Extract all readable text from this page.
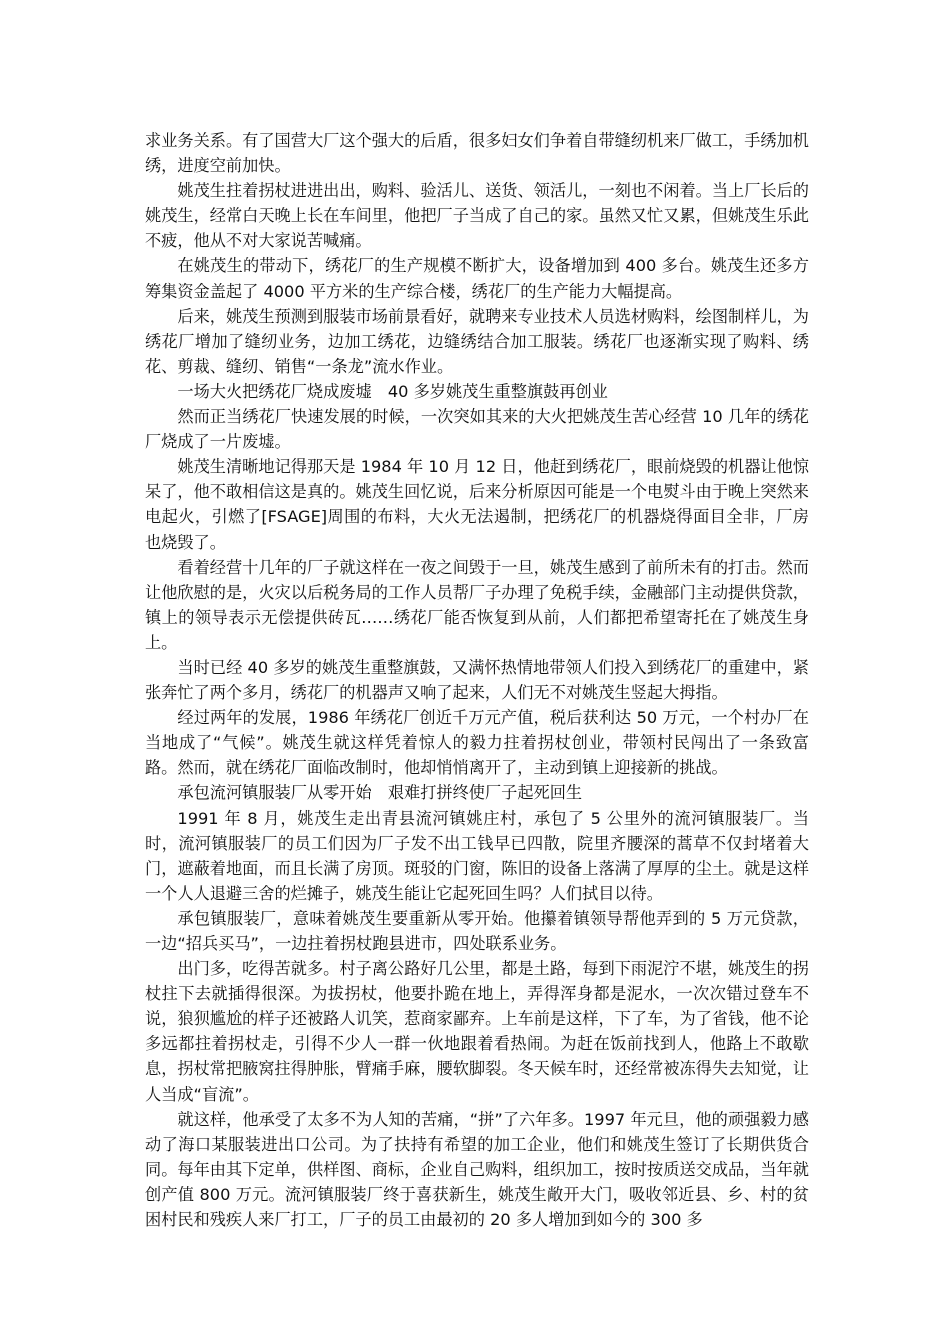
求业务关系。有了国营大厂这个强大的后盾，很多妇女们争着自带缝纫机来厂做工，手绣加机绣，进度空前加快。

姚茂生拄着拐杖进进出出，购料、验活儿、送货、领活儿，一刻也不闲着。当上厂长后的姚茂生，经常白天晚上长在车间里，他把厂子当成了自己的家。虽然又忙又累，但姚茂生乐此不疲，他从不对大家说苦喊痛。

在姚茂生的带动下，绣花厂的生产规模不断扩大，设备增加到 400 多台。姚茂生还多方筹集资金盖起了 4000 平方米的生产综合楼，绣花厂的生产能力大幅提高。

后来，姚茂生预测到服装市场前景看好，就聘来专业技术人员选材购料，绘图制样儿，为绣花厂增加了缝纫业务，边加工绣花，边缝绣结合加工服装。绣花厂也逐渐实现了购料、绣花、剪裁、缝纫、销售“一条龙”流水作业。

一场大火把绣花厂烧成废墟　40 多岁姚茂生重整旗鼓再创业

然而正当绣花厂快速发展的时候，一次突如其来的大火把姚茂生苦心经营 10 几年的绣花厂烧成了一片废墟。

姚茂生清晰地记得那天是 1984 年 10 月 12 日，他赶到绣花厂，眼前烧毁的机器让他惊呆了，他不敢相信这是真的。姚茂生回忆说，后来分析原因可能是一个电熨斗由于晚上突然来电起火，引燃了[FSAGE]周围的布料，大火无法遏制，把绣花厂的机器烧得面目全非，厂房也烧毁了。

看着经营十几年的厂子就这样在一夜之间毁于一旦，姚茂生感到了前所未有的打击。然而让他欣慰的是，火灾以后税务局的工作人员帮厂子办理了免税手续，金融部门主动提供贷款，镇上的领导表示无偿提供砖瓦……绣花厂能否恢复到从前，人们都把希望寄托在了姚茂生身上。

当时已经 40 多岁的姚茂生重整旗鼓，又满怀热情地带领人们投入到绣花厂的重建中，紧张奔忙了两个多月，绣花厂的机器声又响了起来，人们无不对姚茂生竖起大拇指。

经过两年的发展，1986 年绣花厂创近千万元产值，税后获利达 50 万元，一个村办厂在当地成了“气候”。姚茂生就这样凭着惊人的毅力拄着拐杖创业，带领村民闯出了一条致富路。然而，就在绣花厂面临改制时，他却悄悄离开了，主动到镇上迎接新的挑战。

承包流河镇服装厂从零开始　艰难打拼终使厂子起死回生

1991 年 8 月，姚茂生走出青县流河镇姚庄村，承包了 5 公里外的流河镇服装厂。当时，流河镇服装厂的员工们因为厂子发不出工钱早已四散，院里齐腰深的蒿草不仅封堵着大门，遮蔽着地面，而且长满了房顶。斑驳的门窗，陈旧的设备上落满了厚厚的尘土。就是这样一个人人退避三舍的烂摊子，姚茂生能让它起死回生吗？人们拭目以待。

承包镇服装厂，意味着姚茂生要重新从零开始。他攥着镇领导帮他弄到的 5 万元贷款，一边“招兵买马”，一边拄着拐杖跑县进市，四处联系业务。

出门多，吃得苦就多。村子离公路好几公里，都是土路，每到下雨泥泞不堪，姚茂生的拐杖拄下去就插得很深。为拔拐杖，他要扑跪在地上，弄得浑身都是泥水，一次次错过登车不说，狼狈尴尬的样子还被路人讥笑，惹商家鄙弃。上车前是这样，下了车，为了省钱，他不论多远都拄着拐杖走，引得不少人一群一伙地跟着看热闹。为赶在饭前找到人，他路上不敢歇息，拐杖常把腋窝拄得肿胀，臂痛手麻，腰软脚裂。冬天候车时，还经常被冻得失去知觉，让人当成“盲流”。

就这样，他承受了太多不为人知的苦痛，“拼”了六年多。1997 年元旦，他的顽强毅力感动了海口某服装进出口公司。为了扶持有希望的加工企业，他们和姚茂生签订了长期供货合同。每年由其下定单，供样图、商标，企业自己购料，组织加工，按时按质送交成品，当年就创产值 800 万元。流河镇服装厂终于喜获新生，姚茂生敞开大门，吸收邻近县、乡、村的贫困村民和残疾人来厂打工，厂子的员工由最初的 20 多人增加到如今的 300 多
